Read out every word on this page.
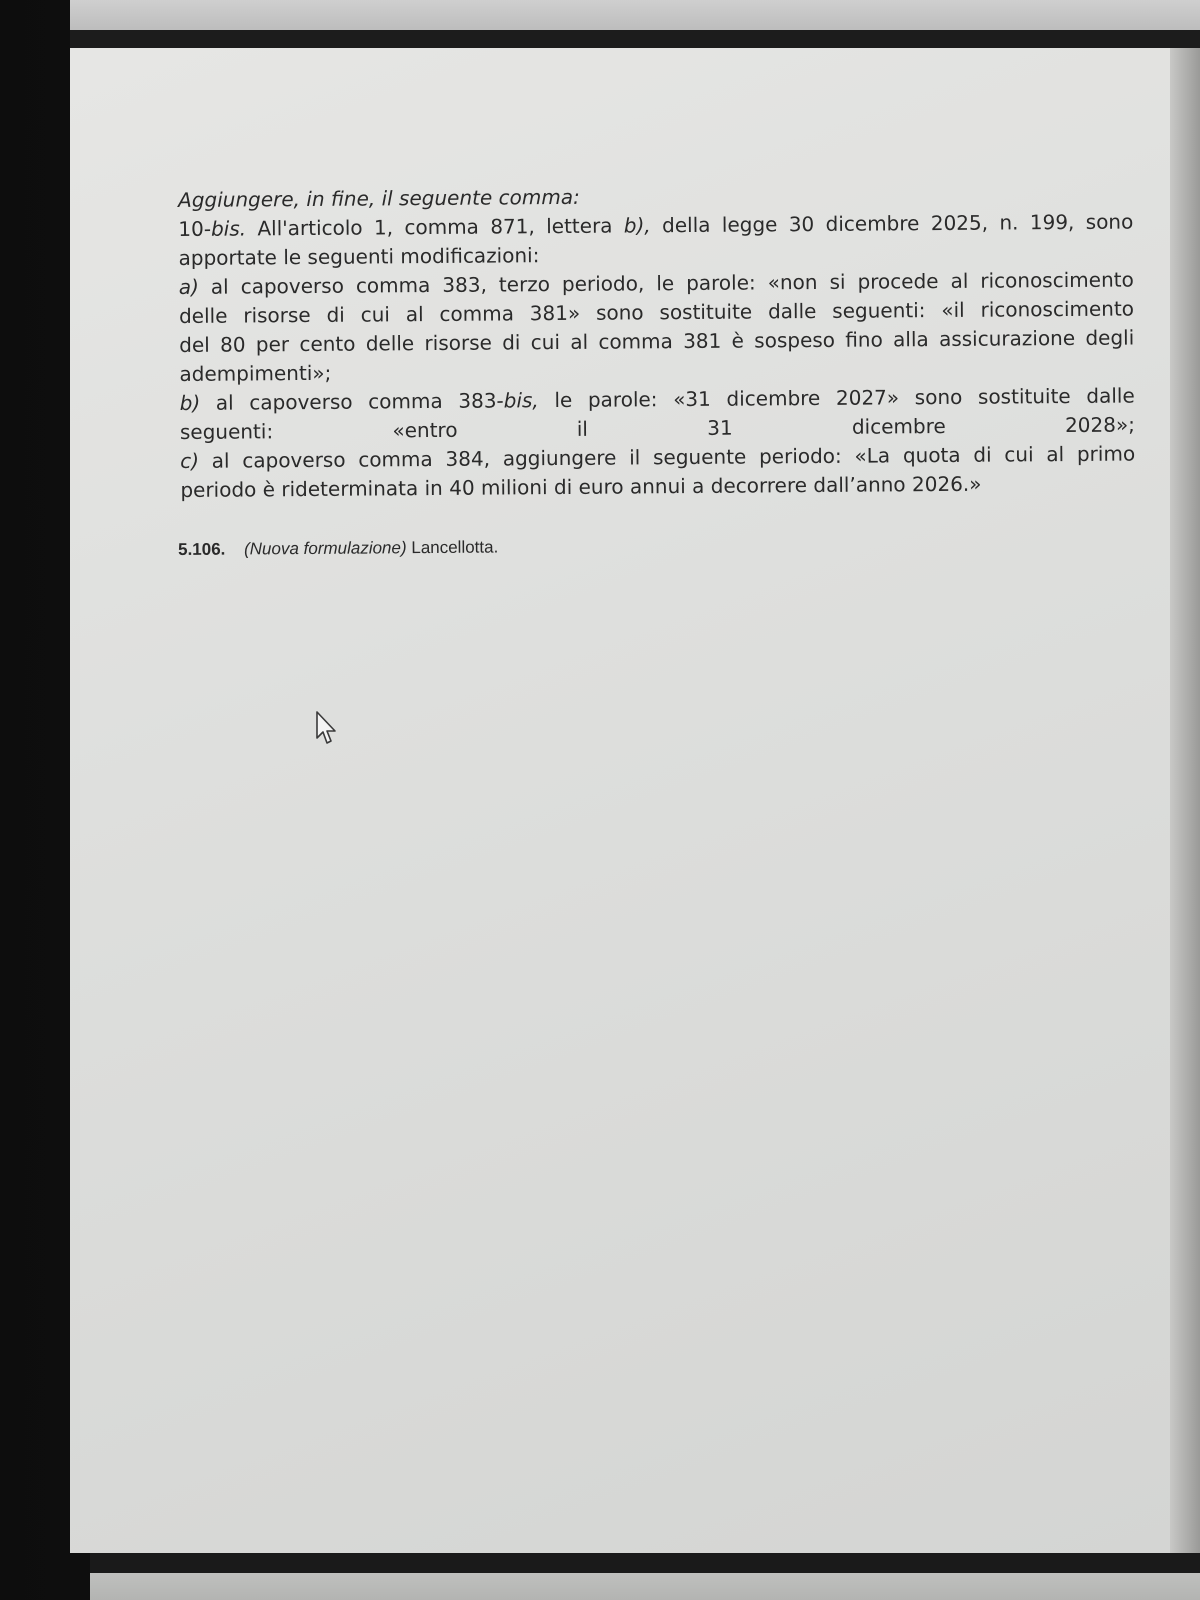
Aggiungere, in fine, il seguente comma:
10-bis. All'articolo 1, comma 871, lettera b), della legge 30 dicembre 2025, n. 199, sono
apportate le seguenti modificazioni:
a) al capoverso comma 383, terzo periodo, le parole: «non si procede al riconoscimento
delle risorse di cui al comma 381» sono sostituite dalle seguenti: «il riconoscimento
del 80 per cento delle risorse di cui al comma 381 è sospeso fino alla assicurazione degli
adempimenti»;
b) al capoverso comma 383-bis, le parole: «31 dicembre 2027» sono sostituite dalle
seguenti: «entro il 31 dicembre 2028»;
c) al capoverso comma 384, aggiungere il seguente periodo: «La quota di cui al primo
periodo è rideterminata in 40 milioni di euro annui a decorrere dall’anno 2026.»
5.106. (Nuova formulazione) Lancellotta.
